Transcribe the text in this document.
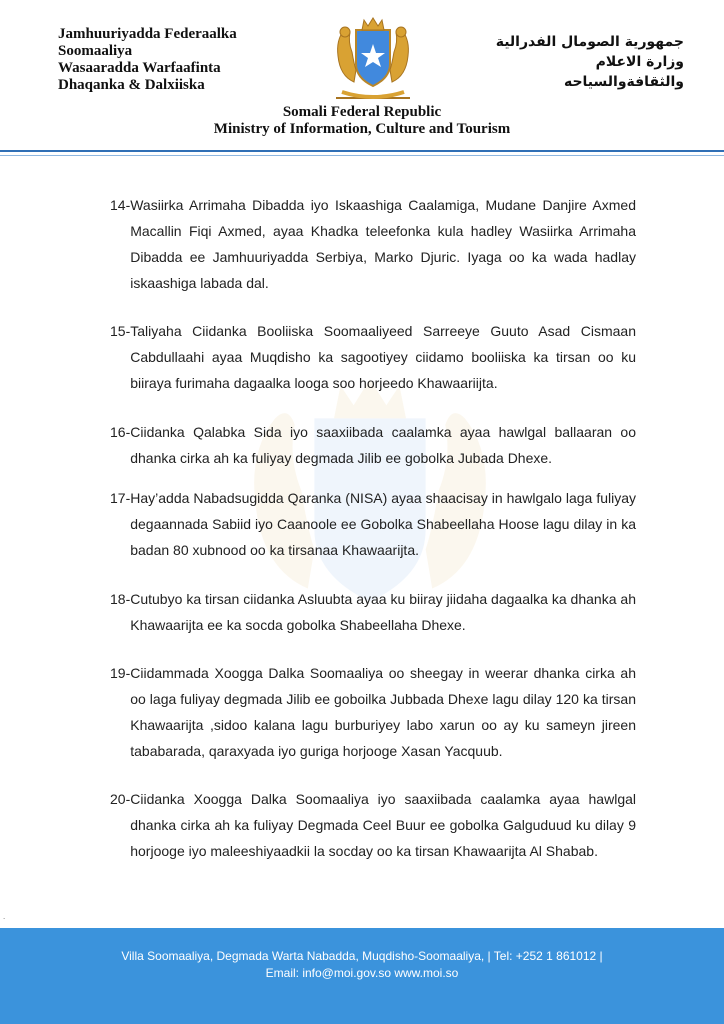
Jamhuuriyadda Federaalka
Soomaaliya
Wasaaradda Warfaafinta
Dhaqanka & Dalxiiska
جمهورية الصومال الفدرالية
وزارة الاعلام
والثقافةوالسياحه
Somali Federal Republic
Ministry of Information, Culture and Tourism
14- Wasiirka Arrimaha Dibadda iyo Iskaashiga Caalamiga, Mudane Danjire Axmed Macallin Fiqi Axmed, ayaa Khadka teleefonka kula hadley Wasiirka Arrimaha Dibadda ee Jamhuuriyadda Serbiya, Marko Djuric. Iyaga oo ka wada hadlay iskaashiga labada dal.
15- Taliyaha Ciidanka Booliiska Soomaaliyeed Sarreeye Guuto Asad Cismaan Cabdullaahi ayaa Muqdisho ka sagootiyey ciidamo booliiska ka tirsan oo ku biiraya furimaha dagaalka looga soo horjeedo Khawaariijta.
16- Ciidanka Qalabka Sida iyo saaxiibada caalamka ayaa hawlgal ballaaran oo dhanka cirka ah ka fuliyay degmada Jilib ee gobolka Jubada Dhexe.
17- Hay’adda Nabadsugidda Qaranka (NISA) ayaa shaacisay in hawlgalo laga fuliyay degaannada Sabiid iyo Caanoole ee Gobolka Shabeellaha Hoose lagu dilay in ka badan 80 xubnood oo ka tirsanaa Khawaarijta.
18- Cutubyo ka tirsan ciidanka Asluubta ayaa ku biiray jiidaha dagaalka ka dhanka ah Khawaarijta ee ka socda gobolka Shabeellaha Dhexe.
19- Ciidammada Xoogga Dalka Soomaaliya oo sheegay in weerar dhanka cirka ah oo laga fuliyay degmada Jilib ee goboilka Jubbada Dhexe lagu dilay 120 ka tirsan Khawaarijta ,sidoo kalana lagu burburiyey labo xarun oo ay ku sameyn jireen tababarada, qaraxyada iyo guriga horjooge Xasan Yacquub.
20- Ciidanka Xoogga Dalka Soomaaliya iyo saaxiibada caalamka ayaa hawlgal dhanka cirka ah ka fuliyay Degmada Ceel Buur ee gobolka Galguduud ku dilay 9 horjooge iyo maleeshiyaadkii la socday oo ka tirsan Khawaarijta Al Shabab.
.
Villa Soomaaliya, Degmada Warta Nabadda, Muqdisho-Soomaaliya, | Tel: +252 1 861012 |
Email: info@moi.gov.so www.moi.so
